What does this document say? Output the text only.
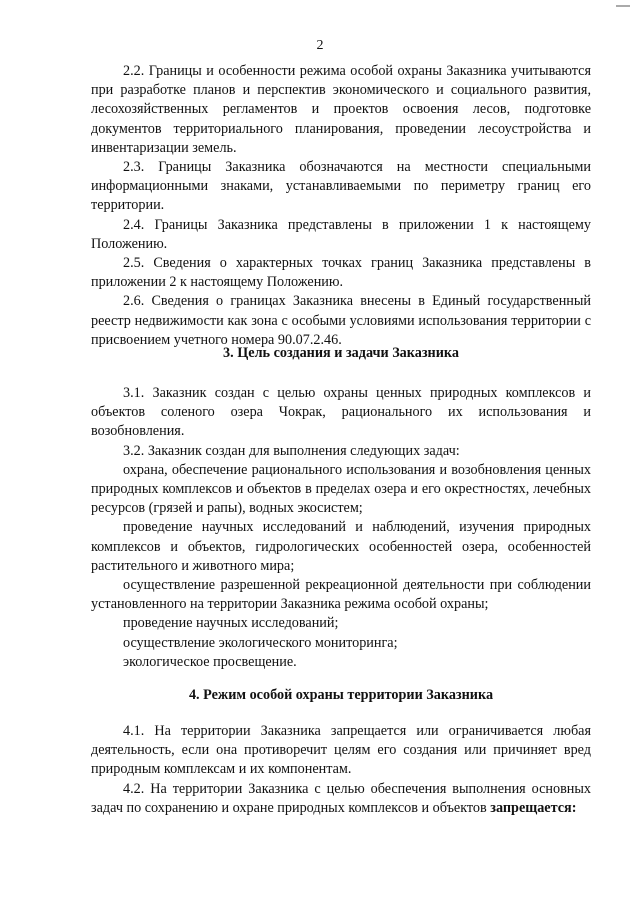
2

2.2. Границы и особенности режима особой охраны Заказника учитываются при разработке планов и перспектив экономического и социального развития, лесохозяйственных регламентов и проектов освоения лесов, подготовке документов территориального планирования, проведении лесоустройства и инвентаризации земель.

2.3. Границы Заказника обозначаются на местности специальными информационными знаками, устанавливаемыми по периметру границ его территории.

2.4. Границы Заказника представлены в приложении 1 к настоящему Положению.

2.5. Сведения о характерных точках границ Заказника представлены в приложении 2 к настоящему Положению.

2.6. Сведения о границах Заказника внесены в Единый государственный реестр недвижимости как зона с особыми условиями использования территории с присвоением учетного номера 90.07.2.46.

3. Цель создания и задачи Заказника

3.1. Заказник создан с целью охраны ценных природных комплексов и объектов соленого озера Чокрак, рационального их использования и возобновления.

3.2. Заказник создан для выполнения следующих задач:

охрана, обеспечение рационального использования и возобновления ценных природных комплексов и объектов в пределах озера и его окрестностях, лечебных ресурсов (грязей и рапы), водных экосистем;

проведение научных исследований и наблюдений, изучения природных комплексов и объектов, гидрологических особенностей озера, особенностей растительного и животного мира;

осуществление разрешенной рекреационной деятельности при соблюдении установленного на территории Заказника режима особой охраны;

проведение научных исследований;

осуществление экологического мониторинга;

экологическое просвещение.

4. Режим особой охраны территории Заказника

4.1. На территории Заказника запрещается или ограничивается любая деятельность, если она противоречит целям его создания или причиняет вред природным комплексам и их компонентам.

4.2. На территории Заказника с целью обеспечения выполнения основных задач по сохранению и охране природных комплексов и объектов запрещается:
